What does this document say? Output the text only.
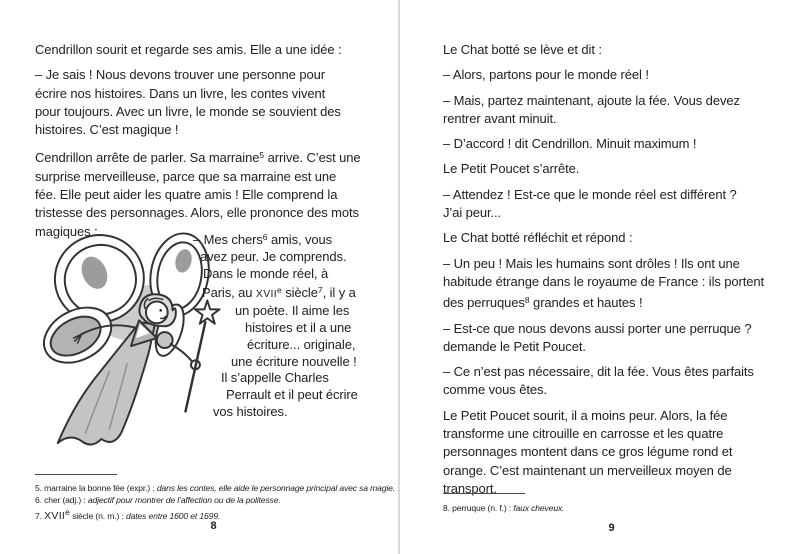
Cendrillon sourit et regarde ses amis. Elle a une idée :
– Je sais ! Nous devons trouver une personne pour
écrire nos histoires. Dans un livre, les contes vivent
pour toujours. Avec un livre, le monde se souvient des
histoires. C’est magique !
Cendrillon arrête de parler. Sa marraine$^5$ arrive. C’est une
surprise merveilleuse, parce que sa marraine est une
fée. Elle peut aider les quatre amis ! Elle comprend la
tristesse des personnages. Alors, elle prononce des mots
magiques :
– Mes chers$^6$ amis, vous
avez peur. Je comprends.
Dans le monde réel, à
Paris, au XVIIe siècle$^7$, il y a
un poète. Il aime les
histoires et il a une
écriture... originale,
une écriture nouvelle !
Il s’appelle Charles
Perrault et il peut écrire
vos histoires.
5. marraine la bonne fée (expr.) : dans les contes, elle aide le personnage principal avec sa magie.
6. cher (adj.) : adjectif pour montrer de l’affection ou de la politesse.
7. XVIIe siècle (n. m.) : dates entre 1600 et 1699.
8
Le Chat botté se lève et dit :
– Alors, partons pour le monde réel !
– Mais, partez maintenant, ajoute la fée. Vous devez
rentrer avant minuit.
– D’accord ! dit Cendrillon. Minuit maximum !
Le Petit Poucet s’arrête.
– Attendez ! Est-ce que le monde réel est différent ?
J’ai peur...
Le Chat botté réfléchit et répond :
– Un peu ! Mais les humains sont drôles ! Ils ont une
habitude étrange dans le royaume de France : ils portent
des perruques$^8$ grandes et hautes !
– Est-ce que nous devons aussi porter une perruque ?
demande le Petit Poucet.
– Ce n’est pas nécessaire, dit la fée. Vous êtes parfaits
comme vous êtes.
Le Petit Poucet sourit, il a moins peur. Alors, la fée
transforme une citrouille en carrosse et les quatre
personnages montent dans ce gros légume rond et
orange. C’est maintenant un merveilleux moyen de
transport.
8. perruque (n. f.) : faux cheveux.
9
